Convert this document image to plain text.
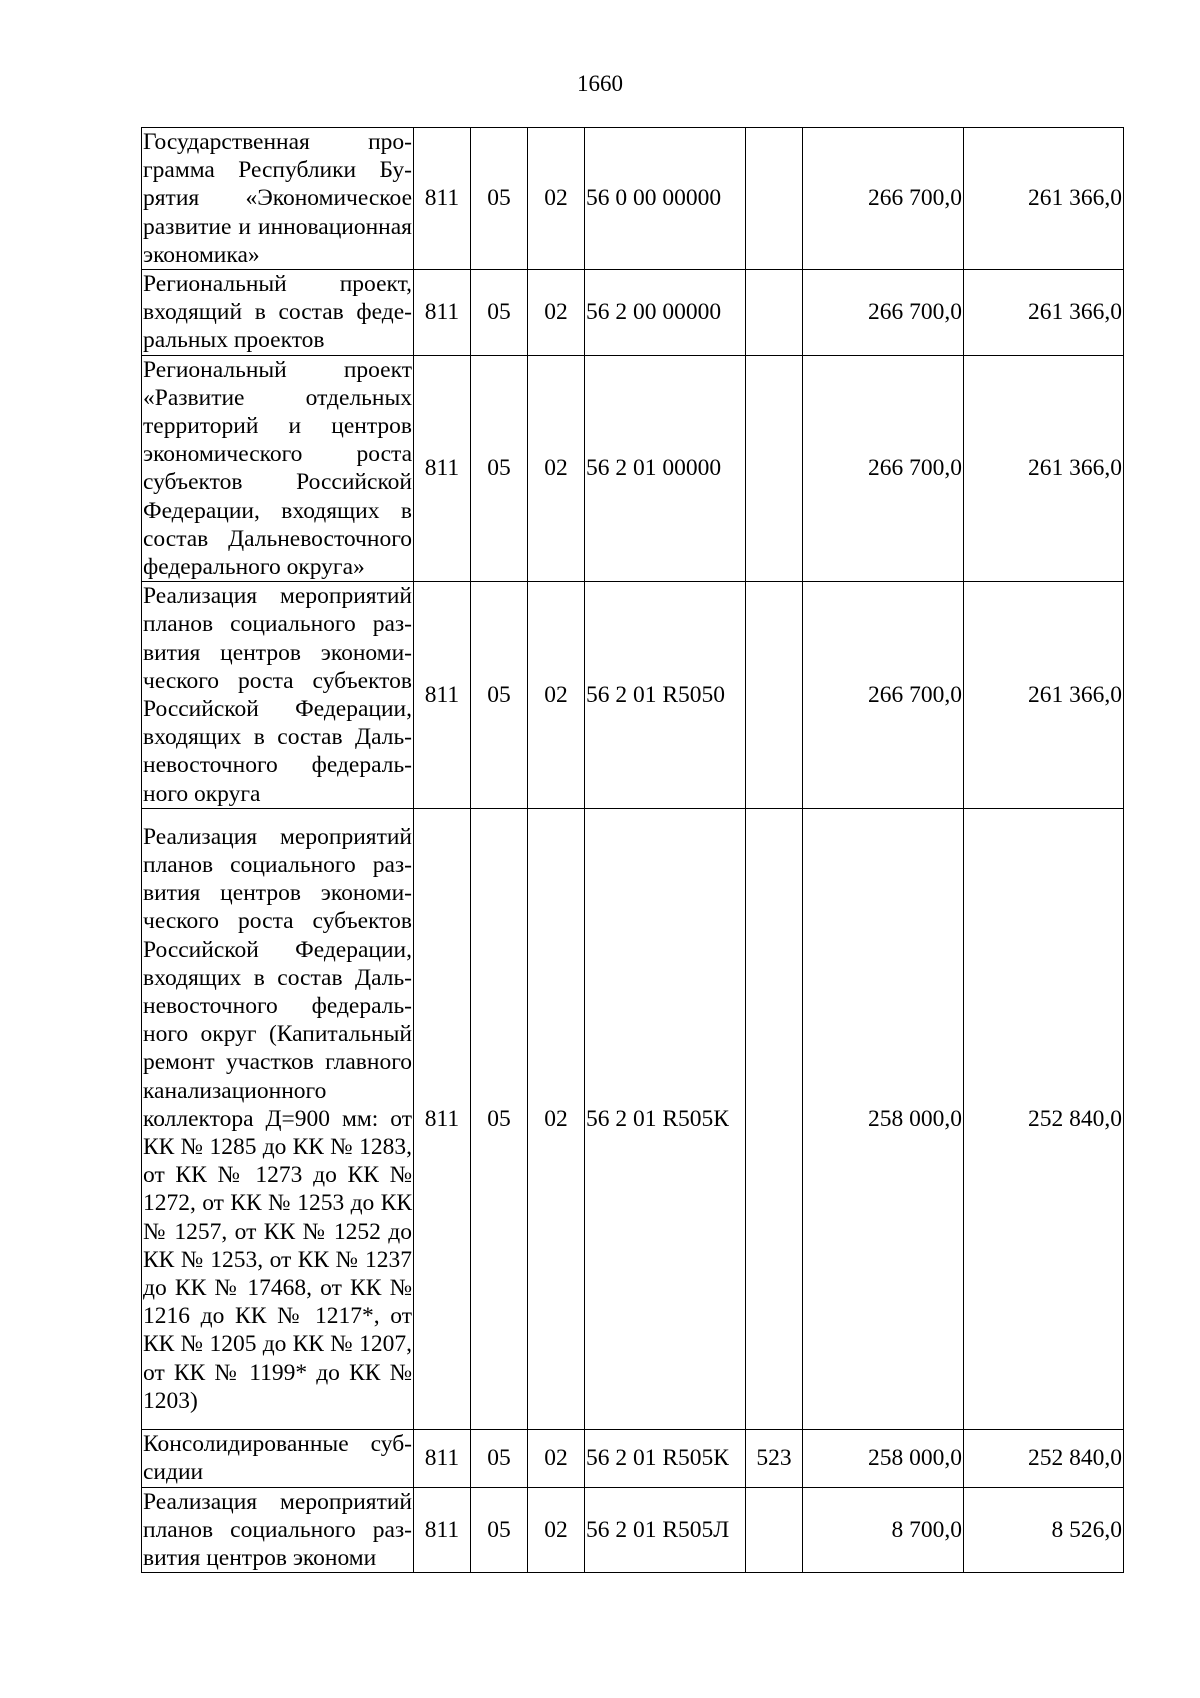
1660
Государственная программа Республики Бурятия «Экономическое развитие и инновационная экономика»	811	05	02	56 0 00 00000		266 700,0	261 366,0
Региональный проект, входящий в состав федеральных проектов	811	05	02	56 2 00 00000		266 700,0	261 366,0
Региональный проект «Развитие отдельных территорий и центров экономического роста субъектов Российской Федерации, входящих в состав Дальневосточного федерального округа»	811	05	02	56 2 01 00000		266 700,0	261 366,0
Реализация мероприятий планов социального развития центров экономического роста субъектов Российской Федерации, входящих в состав Дальневосточного федерального округа	811	05	02	56 2 01 R5050		266 700,0	261 366,0
Реализация мероприятий планов социального развития центров экономического роста субъектов Российской Федерации, входящих в состав Дальневосточного федерального округ (Капитальный ремонт участков главного канализационного коллектора Д=900 мм: от КК № 1285 до КК № 1283, от КК № 1273 до КК № 1272, от КК № 1253 до КК № 1257, от КК № 1252 до КК № 1253, от КК № 1237 до КК № 17468, от КК № 1216 до КК № 1217*, от КК № 1205 до КК № 1207, от КК № 1199* до КК № 1203)	811	05	02	56 2 01 R505К		258 000,0	252 840,0
Консолидированные субсидии	811	05	02	56 2 01 R505К	523	258 000,0	252 840,0
Реализация мероприятий планов социального развития центров экономи	811	05	02	56 2 01 R505Л		8 700,0	8 526,0
